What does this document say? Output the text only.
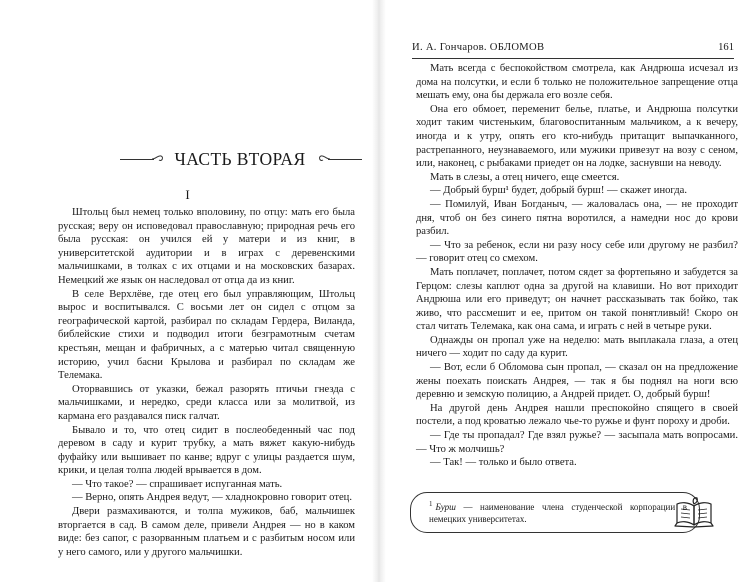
ЧАСТЬ ВТОРАЯ
I

Штольц был немец только вполовину, по отцу: мать его была русская; веру он исповедовал православную; природная речь его была русская: он учился ей у матери и из книг, в университетской аудитории и в играх с деревенскими мальчишками, в толках с их отцами и на московских базарах. Немецкий же язык он наследовал от отца да из книг.

В селе Верхлёве, где отец его был управляющим, Штольц вырос и воспитывался. С восьми лет он сидел с отцом за географической картой, разбирал по складам Гердера, Виланда, библейские стихи и подводил итоги безграмотным счетам крестьян, мещан и фабричных, а с матерью читал священную историю, учил басни Крылова и разбирал по складам же Телемака.

Оторвавшись от указки, бежал разорять птичьи гнезда с мальчишками, и нередко, среди класса или за молитвой, из кармана его раздавался писк галчат.

Бывало и то, что отец сидит в послеобеденный час под деревом в саду и курит трубку, а мать вяжет какую-нибудь фуфайку или вышивает по канве; вдруг с улицы раздается шум, крики, и целая толпа людей врывается в дом.

— Что такое? — спрашивает испуганная мать.

— Верно, опять Андрея ведут, — хладнокровно говорит отец.

Двери размахиваются, и толпа мужиков, баб, мальчишек вторгается в сад. В самом деле, привели Андрея — но в каком виде: без сапог, с разорванным платьем и с разбитым носом или у него самого, или у другого мальчишки.

И. А. Гончаров. ОБЛОМОВ	161

Мать всегда с беспокойством смотрела, как Андрюша исчезал из дома на полсутки, и если б только не положительное запрещение отца мешать ему, она бы держала его возле себя.

Она его обмоет, переменит белье, платье, и Андрюша полсутки ходит таким чистеньким, благовоспитанным мальчиком, а к вечеру, иногда и к утру, опять его кто-нибудь притащит выпачканного, растрепанного, неузнаваемого, или мужики привезут на возу с сеном, или, наконец, с рыбаками приедет он на лодке, заснувши на неводу.

Мать в слезы, а отец ничего, еще смеется.

— Добрый бурш¹ будет, добрый бурш! — скажет иногда.

— Помилуй, Иван Богданыч, — жаловалась она, — не проходит дня, чтоб он без синего пятна воротился, а намедни нос до крови разбил.

— Что за ребенок, если ни разу носу себе или другому не разбил? — говорит отец со смехом.

Мать поплачет, поплачет, потом сядет за фортепьяно и забудется за Герцом: слезы каплют одна за другой на клавиши. Но вот приходит Андрюша или его приведут; он начнет рассказывать так бойко, так живо, что рассмешит и ее, притом он такой понятливый! Скоро он стал читать Телемака, как она сама, и играть с ней в четыре руки.

Однажды он пропал уже на неделю: мать выплакала глаза, а отец ничего — ходит по саду да курит.

— Вот, если б Обломова сын пропал, — сказал он на предложение жены поехать поискать Андрея, — так я бы поднял на ноги всю деревню и земскую полицию, а Андрей придет. О, добрый бурш!

На другой день Андрея нашли преспокойно спящего в своей постели, а под кроватью лежало чье-то ружье и фунт пороху и дроби.

— Где ты пропадал? Где взял ружье? — засыпала мать вопросами. — Что ж молчишь?

— Так! — только и было ответа.

$^1$ Бурш — наименование члена студенческой корпорации в немецких университетах.
